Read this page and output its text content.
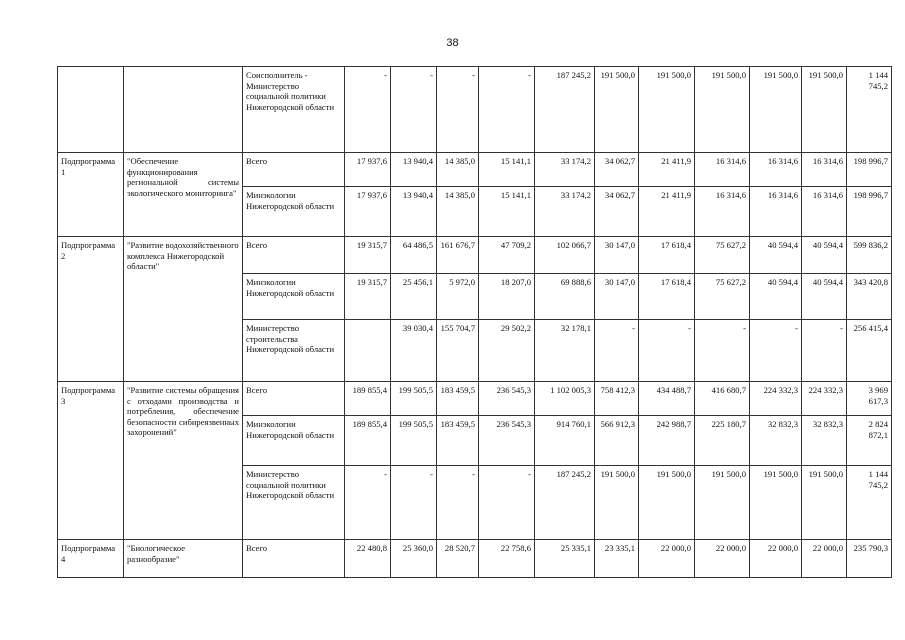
38
		Соисполнитель - Министерство социальной политики Нижегородской области	-	-	-	-	187 245,2	191 500,0	191 500,0	191 500,0	191 500,0	191 500,0	1 144 745,2
Подпрограмма 1	"Обеспечение функционирования региональной системы экологического мониторинга"	Всего	17 937,6	13 940,4	14 385,0	15 141,1	33 174,2	34 062,7	21 411,9	16 314,6	16 314,6	16 314,6	198 996,7
		Минэкологии Нижегородской области	17 937,6	13 940,4	14 385,0	15 141,1	33 174,2	34 062,7	21 411,9	16 314,6	16 314,6	16 314,6	198 996,7
Подпрограмма 2	"Развитие водохозяйственного комплекса Нижегородской области"	Всего	19 315,7	64 486,5	161 676,7	47 709,2	102 066,7	30 147,0	17 618,4	75 627,2	40 594,4	40 594,4	599 836,2
		Минэкологии Нижегородской области	19 315,7	25 456,1	5 972,0	18 207,0	69 888,6	30 147,0	17 618,4	75 627,2	40 594,4	40 594,4	343 420,8
		Министерство строительства Нижегородской области		39 030,4	155 704,7	29 502,2	32 178,1	-	-	-	-	-	256 415,4
Подпрограмма 3	"Развитие системы обращения с отходами производства и потребления, обеспечение безопасности сибиреязвенных захоронений"	Всего	189 855,4	199 505,5	183 459,5	236 545,3	1 102 005,3	758 412,3	434 488,7	416 680,7	224 332,3	224 332,3	3 969 617,3
		Минэкологии Нижегородской области	189 855,4	199 505,5	183 459,5	236 545,3	914 760,1	566 912,3	242 988,7	225 180,7	32 832,3	32 832,3	2 824 872,1
		Министерство социальной политики Нижегородской области	-	-	-	-	187 245,2	191 500,0	191 500,0	191 500,0	191 500,0	191 500,0	1 144 745,2
Подпрограмма 4	"Биологическое разнообразие"	Всего	22 480,8	25 360,0	28 520,7	22 758,6	25 335,1	23 335,1	22 000,0	22 000,0	22 000,0	22 000,0	235 790,3
